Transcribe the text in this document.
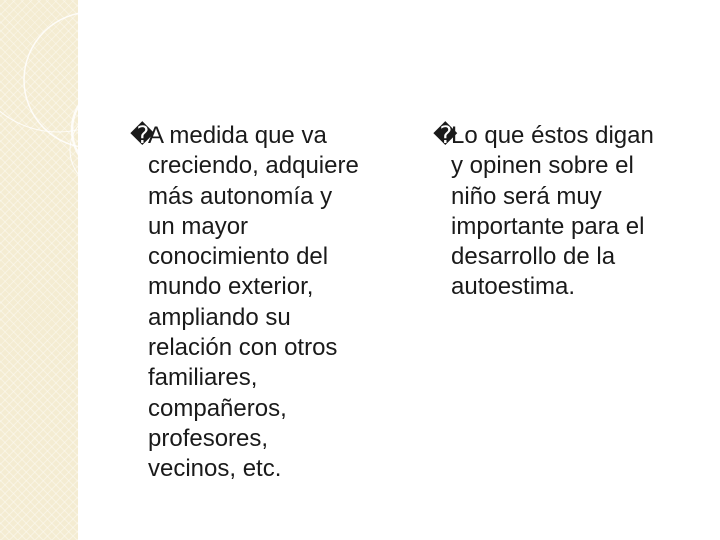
�
A medida que va
creciendo, adquiere
más autonomía y
un mayor
conocimiento del
mundo exterior,
ampliando su
relación con otros
familiares,
compañeros,
profesores,
vecinos, etc.
�
Lo que éstos digan
y opinen sobre el
niño será muy
importante para el
desarrollo de la
autoestima.
